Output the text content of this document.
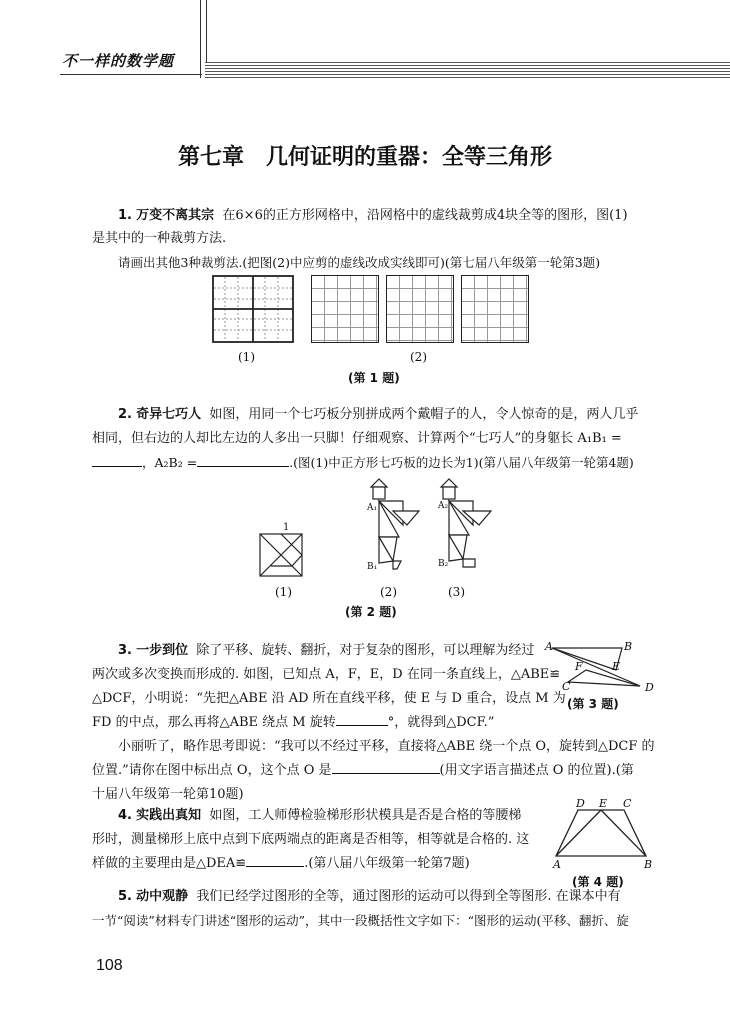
不一样的数学题
第七章　几何证明的重器：全等三角形
1. 万变不离其宗 在6×6的正方形网格中，沿网格中的虚线裁剪成4块全等的图形，图(1)
是其中的一种裁剪方法.
请画出其他3种裁剪法.(把图(2)中应剪的虚线改成实线即可)(第七届八年级第一轮第3题)
(1)	(2)
(第 1 题)
2. 奇异七巧人 如图，用同一个七巧板分别拼成两个戴帽子的人，令人惊奇的是，两人几乎
相同，但右边的人却比左边的人多出一只脚！仔细观察、计算两个“七巧人”的身躯长 A₁B₁ =
，A₂B₂ =	.(图(1)中正方形七巧板的边长为1)(第八届八年级第一轮第4题)
1
A₁
B₁
A₂
B₂
(1)	(2)	(3)
(第 2 题)
3. 一步到位 除了平移、旋转、翻折，对于复杂的图形，可以理解为经过
两次或多次变换而形成的. 如图，已知点 A，F，E，D 在同一条直线上，△ABE≌
△DCF，小明说：“先把△ABE 沿 AD 所在直线平移，使 E 与 D 重合，设点 M 为
FD 的中点，那么再将△ABE 绕点 M 旋转	°，就得到△DCF.”
小丽听了，略作思考即说：“我可以不经过平移，直接将△ABE 绕一个点 O，旋转到△DCF 的
位置.”请你在图中标出点 O，这个点 O 是	(用文字语言描述点 O 的位置).(第
十届八年级第一轮第10题)
A	B
F	E
C	D
(第 3 题)
4. 实践出真知 如图，工人师傅检验梯形形状模具是否是合格的等腰梯
形时，测量梯形上底中点到下底两端点的距离是否相等，相等就是合格的. 这
样做的主要理由是△DEA≌	.(第八届八年级第一轮第7题)
D E C
A	B
(第 4 题)
5. 动中观静 我们已经学过图形的全等，通过图形的运动可以得到全等图形. 在课本中有
一节“阅读”材料专门讲述“图形的运动”，其中一段概括性文字如下：“图形的运动(平移、翻折、旋
108
